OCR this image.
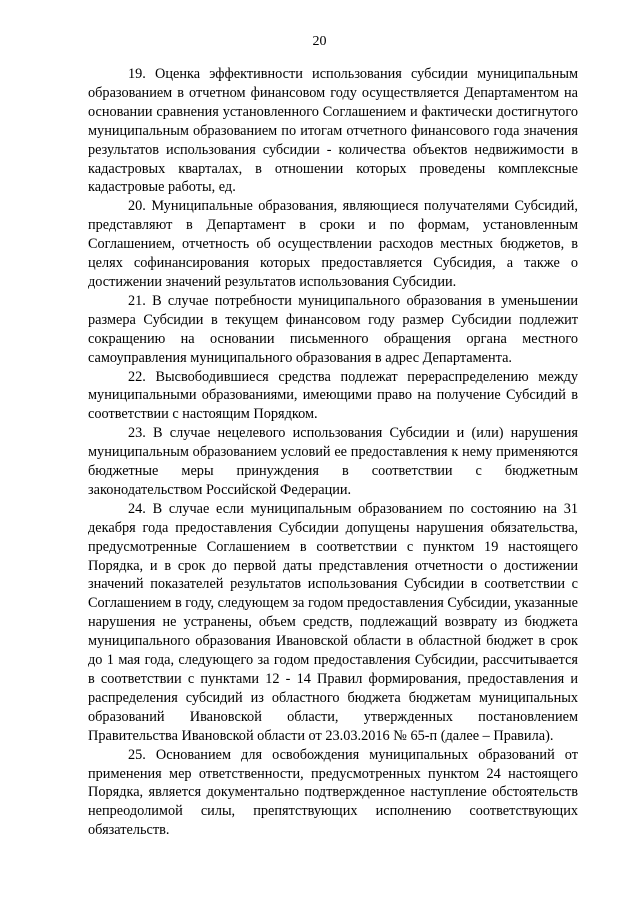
20

19. Оценка эффективности использования субсидии муниципальным образованием в отчетном финансовом году осуществляется Департаментом на основании сравнения установленного Соглашением и фактически достигнутого муниципальным образованием по итогам отчетного финансового года значения результатов использования субсидии - количества объектов недвижимости в кадастровых кварталах, в отношении которых проведены комплексные кадастровые работы, ед.

20. Муниципальные образования, являющиеся получателями Субсидий, представляют в Департамент в сроки и по формам, установленным Соглашением, отчетность об осуществлении расходов местных бюджетов, в целях софинансирования которых предоставляется Субсидия, а также о достижении значений результатов использования Субсидии.

21. В случае потребности муниципального образования в уменьшении размера Субсидии в текущем финансовом году размер Субсидии подлежит сокращению на основании письменного обращения органа местного самоуправления муниципального образования в адрес Департамента.

22. Высвободившиеся средства подлежат перераспределению между муниципальными образованиями, имеющими право на получение Субсидий в соответствии с настоящим Порядком.

23. В случае нецелевого использования Субсидии и (или) нарушения муниципальным образованием условий ее предоставления к нему применяются бюджетные меры принуждения в соответствии с бюджетным законодательством Российской Федерации.

24. В случае если муниципальным образованием по состоянию на 31 декабря года предоставления Субсидии допущены нарушения обязательства, предусмотренные Соглашением в соответствии с пунктом 19 настоящего Порядка, и в срок до первой даты представления отчетности о достижении значений показателей результатов использования Субсидии в соответствии с Соглашением в году, следующем за годом предоставления Субсидии, указанные нарушения не устранены, объем средств, подлежащий возврату из бюджета муниципального образования Ивановской области в областной бюджет в срок до 1 мая года, следующего за годом предоставления Субсидии, рассчитывается в соответствии с пунктами 12 - 14 Правил формирования, предоставления и распределения субсидий из областного бюджета бюджетам муниципальных образований Ивановской области, утвержденных постановлением Правительства Ивановской области от 23.03.2016 № 65-п (далее – Правила).

25. Основанием для освобождения муниципальных образований от применения мер ответственности, предусмотренных пунктом 24 настоящего Порядка, является документально подтвержденное наступление обстоятельств непреодолимой силы, препятствующих исполнению соответствующих обязательств.
